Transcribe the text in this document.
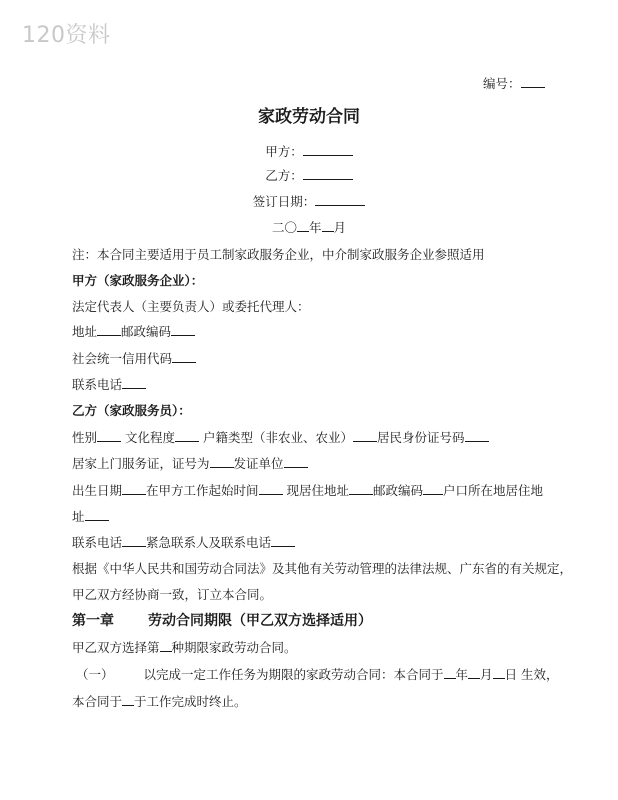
120资料
编号：
家政劳动合同
甲方：
乙方：
签订日期：
二〇 年 月
注：本合同主要适用于员工制家政服务企业，中介制家政服务企业参照适用
甲方（家政服务企业）：
法定代表人（主要负责人）或委托代理人：
地址 邮政编码
社会统一信用代码
联系电话
乙方（家政服务员）：
性别 文化程度 户籍类型（非农业、农业） 居民身份证号码
居家上门服务证，证号为 发证单位
出生日期 在甲方工作起始时间 现居住地址 邮政编码 户口所在地居住地
址
联系电话 紧急联系人及联系电话
根据《中华人民共和国劳动合同法》及其他有关劳动管理的法律法规、广东省的有关规定，
甲乙双方经协商一致，订立本合同。
第一章 劳动合同期限（甲乙双方选择适用）
甲乙双方选择第 种期限家政劳动合同。
（一） 以完成一定工作任务为期限的家政劳动合同：本合同于 年 月 日 生效，
本合同于 于工作完成时终止。
